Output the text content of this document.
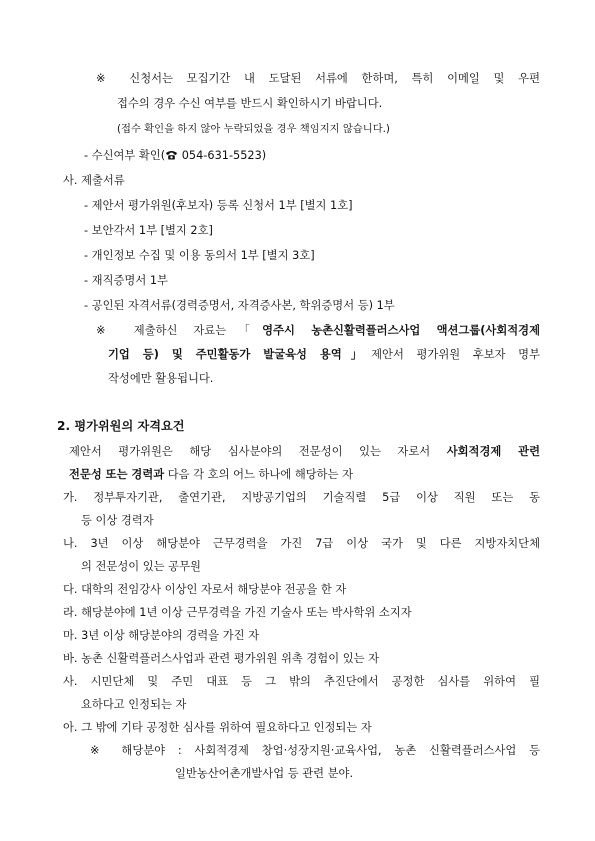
※ 신청서는 모집기간 내 도달된 서류에 한하며, 특히 이메일 및 우편
접수의 경우 수신 여부를 반드시 확인하시기 바랍니다.
(접수 확인을 하지 않아 누락되었을 경우 책임지지 않습니다.)
- 수신여부 확인( 054-631-5523)
사. 제출서류
- 제안서 평가위원(후보자) 등록 신청서 1부 [별지 1호]
- 보안각서 1부 [별지 2호]
- 개인정보 수집 및 이용 동의서 1부 [별지 3호]
- 재직증명서 1부
- 공인된 자격서류(경력증명서, 자격증사본, 학위증명서 등) 1부
※ 제출하신 자료는「영주시 농촌신활력플러스사업 액션그룹(사회적경제
기업 등) 및 주민활동가 발굴육성 용역」제안서 평가위원 후보자 명부
작성에만 활용됩니다.
2. 평가위원의 자격요건
제안서 평가위원은 해당 심사분야의 전문성이 있는 자로서 사회적경제 관련
전문성 또는 경력과 다음 각 호의 어느 하나에 해당하는 자
가. 정부투자기관, 출연기관, 지방공기업의 기술직렬 5급 이상 직원 또는 동
등 이상 경력자
나. 3년 이상 해당분야 근무경력을 가진 7급 이상 국가 및 다른 지방자치단체
의 전문성이 있는 공무원
다. 대학의 전임강사 이상인 자로서 해당분야 전공을 한 자
라. 해당분야에 1년 이상 근무경력을 가진 기술사 또는 박사학위 소지자
마. 3년 이상 해당분야의 경력을 가진 자
바. 농촌 신활력플러스사업과 관련 평가위원 위촉 경험이 있는 자
사. 시민단체 및 주민 대표 등 그 밖의 추진단에서 공정한 심사를 위하여 필
요하다고 인정되는 자
아. 그 밖에 기타 공정한 심사를 위하여 필요하다고 인정되는 자
※ 해당분야 : 사회적경제 창업·성장지원·교육사업, 농촌 신활력플러스사업 등
일반농산어촌개발사업 등 관련 분야.
